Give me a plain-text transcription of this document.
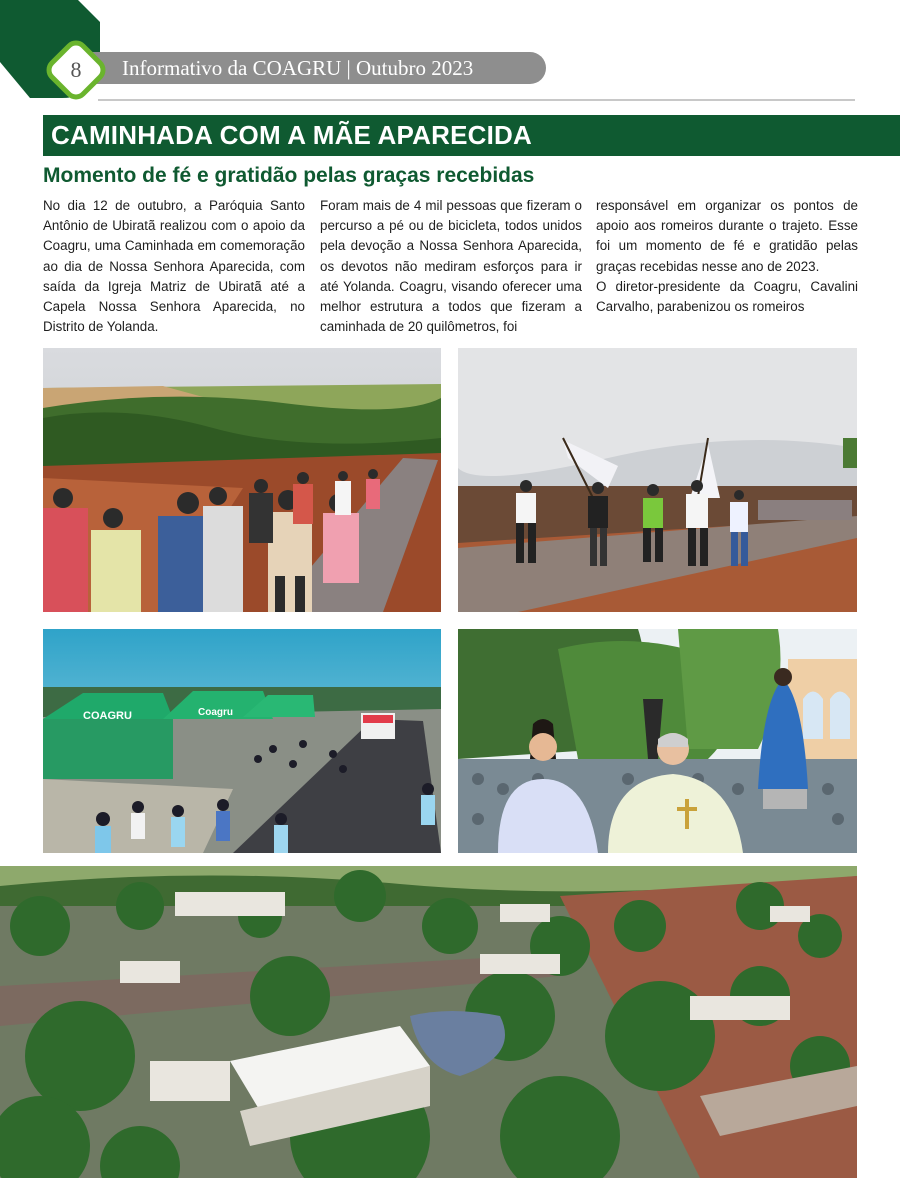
Informativo da COAGRU | Outubro 2023
8
CAMINHADA COM A MÃE APARECIDA
Momento de fé e gratidão pelas graças recebidas

No dia 12 de outubro, a Paróquia Santo Antônio de Ubiratã realizou com o apoio da Coagru, uma Caminhada em comemoração ao dia de Nossa Senhora Aparecida, com saída da Igreja Matriz de Ubiratã até a Capela Nossa Senhora Aparecida, no Distrito de Yolanda.

Foram mais de 4 mil pessoas que fizeram o percurso a pé ou de bicicleta, todos unidos pela devoção a Nossa Senhora Aparecida, os devotos não mediram esforços para ir até Yolanda. Coagru, visando oferecer uma melhor estrutura a todos que fizeram a caminhada de 20 quilômetros, foi

responsável em organizar os pontos de apoio aos romeiros durante o trajeto. Esse foi um momento de fé e gratidão pelas graças recebidas nesse ano de 2023.

O diretor-presidente da Coagru, Cavalini Carvalho, parabenizou os romeiros

COAGRU	Coagru
